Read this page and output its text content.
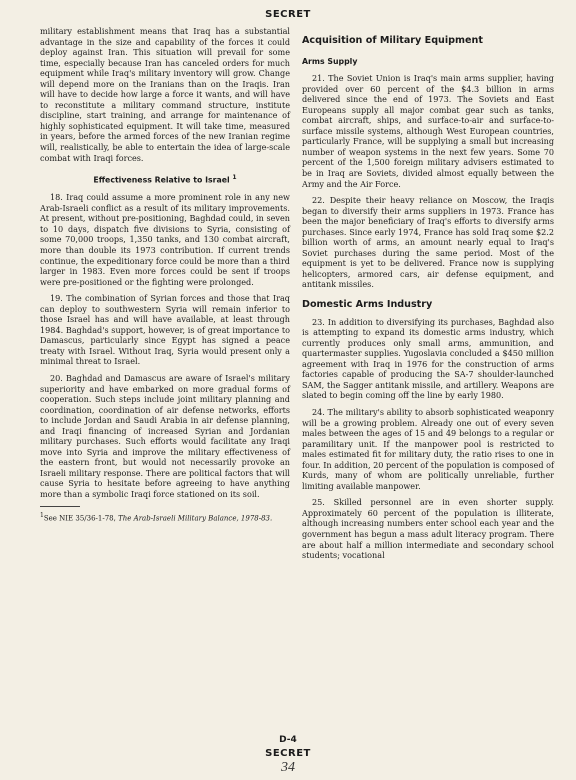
SECRET

military establishment means that Iraq has a substantial advantage in the size and capability of the forces it could deploy against Iran. This situation will prevail for some time, especially because Iran has canceled orders for much equipment while Iraq's military inventory will grow. Change will depend more on the Iranians than on the Iraqis. Iran will have to decide how large a force it wants, and will have to reconstitute a military command structure, institute discipline, start training, and arrange for maintenance of highly sophisticated equipment. It will take time, measured in years, before the armed forces of the new Iranian regime will, realistically, be able to entertain the idea of large-scale combat with Iraqi forces.

Effectiveness Relative to Israel $^1$

18. Iraq could assume a more prominent role in any new Arab-Israeli conflict as a result of its military improvements. At present, without pre-positioning, Baghdad could, in seven to 10 days, dispatch five divisions to Syria, consisting of some 70,000 troops, 1,350 tanks, and 130 combat aircraft, more than double its 1973 contribution. If current trends continue, the expeditionary force could be more than a third larger in 1983. Even more forces could be sent if troops were pre-positioned or the fighting were prolonged.

19. The combination of Syrian forces and those that Iraq can deploy to southwestern Syria will remain inferior to those Israel has and will have available, at least through 1984. Baghdad's support, however, is of great importance to Damascus, particularly since Egypt has signed a peace treaty with Israel. Without Iraq, Syria would present only a minimal threat to Israel.

20. Baghdad and Damascus are aware of Israel's military superiority and have embarked on more gradual forms of cooperation. Such steps include joint military planning and coordination, coordination of air defense networks, efforts to include Jordan and Saudi Arabia in air defense planning, and Iraqi financing of increased Syrian and Jordanian military purchases. Such efforts would facilitate any Iraqi move into Syria and improve the military effectiveness of the eastern front, but would not necessarily provoke an Israeli military response. There are political factors that will cause Syria to hesitate before agreeing to have anything more than a symbolic Iraqi force stationed on its soil.

1See NIE 35/36-1-78, The Arab-Israeli Military Balance, 1978-83.
Acquisition of Military Equipment
Arms Supply

21. The Soviet Union is Iraq's main arms supplier, having provided over 60 percent of the $4.3 billion in arms delivered since the end of 1973. The Soviets and East Europeans supply all major combat gear such as tanks, combat aircraft, ships, and surface-to-air and surface-to-surface missile systems, although West European countries, particularly France, will be supplying a small but increasing number of weapon systems in the next few years. Some 70 percent of the 1,500 foreign military advisers estimated to be in Iraq are Soviets, divided almost equally between the Army and the Air Force.

22. Despite their heavy reliance on Moscow, the Iraqis began to diversify their arms suppliers in 1973. France has been the major beneficiary of Iraq's efforts to diversify arms purchases. Since early 1974, France has sold Iraq some $2.2 billion worth of arms, an amount nearly equal to Iraq's Soviet purchases during the same period. Most of the equipment is yet to be delivered. France now is supplying helicopters, armored cars, air defense equipment, and antitank missiles.

Domestic Arms Industry

23. In addition to diversifying its purchases, Baghdad also is attempting to expand its domestic arms industry, which currently produces only small arms, ammunition, and quartermaster supplies. Yugoslavia concluded a $450 million agreement with Iraq in 1976 for the construction of arms factories capable of producing the SA-7 shoulder-launched SAM, the Sagger antitank missile, and artillery. Weapons are slated to begin coming off the line by early 1980.

24. The military's ability to absorb sophisticated weaponry will be a growing problem. Already one out of every seven males between the ages of 15 and 49 belongs to a regular or paramilitary unit. If the manpower pool is restricted to males estimated fit for military duty, the ratio rises to one in four. In addition, 20 percent of the population is composed of Kurds, many of whom are politically unreliable, further limiting available manpower.

25. Skilled personnel are in even shorter supply. Approximately 60 percent of the population is illiterate, although increasing numbers enter school each year and the government has begun a mass adult literacy program. There are about half a million intermediate and secondary school students; vocational

D-4
SECRET
34
